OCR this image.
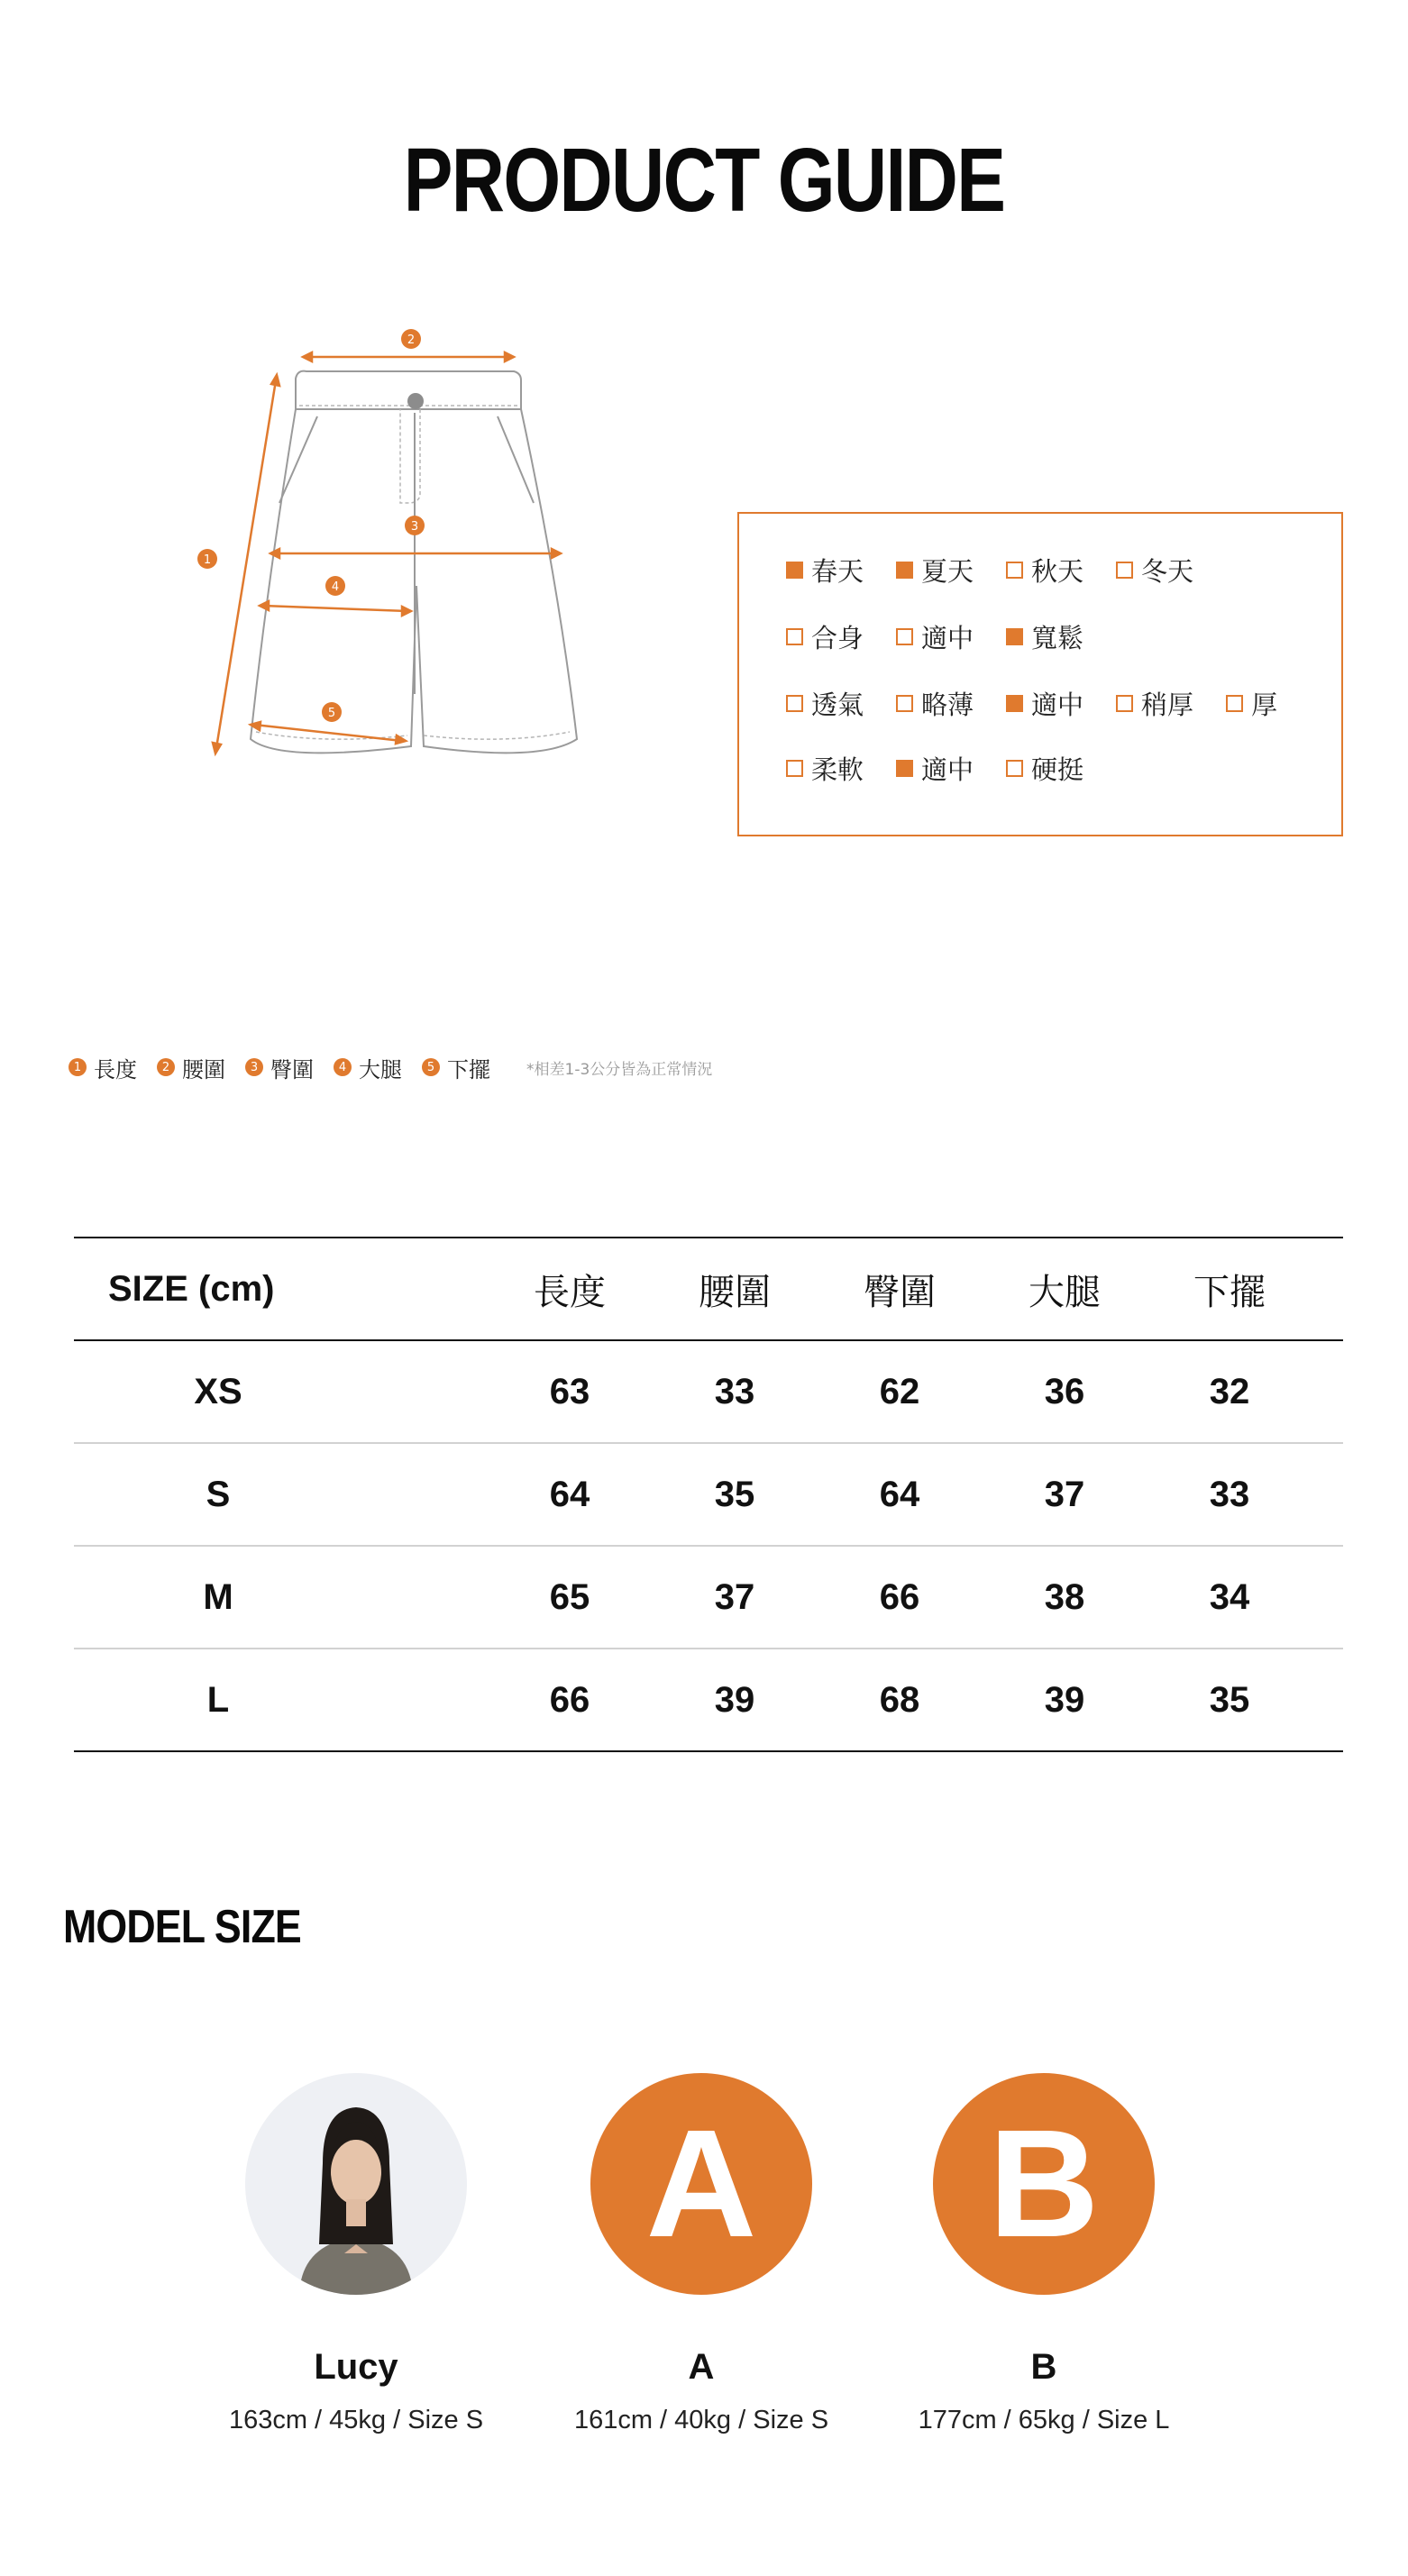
PRODUCT GUIDE
2
1
3
4
5
春天 夏天 秋天 冬天
合身 適中 寬鬆
透氣 略薄 適中 稍厚 厚
柔軟 適中 硬挺
1 長度	2 腰圍	3 臀圍	4 大腿	5 下擺 *相差1-3公分皆為正常情況
SIZE (cm)	長度	腰圍	臀圍	大腿	下擺
XS	63	33	62	36	32
S	64	35	64	37	33
M	65	37	66	38	34
L	66	39	68	39	35
MODEL SIZE
Lucy
163cm / 45kg / Size S
A
A
161cm / 40kg / Size S
B
B
177cm / 65kg / Size L
